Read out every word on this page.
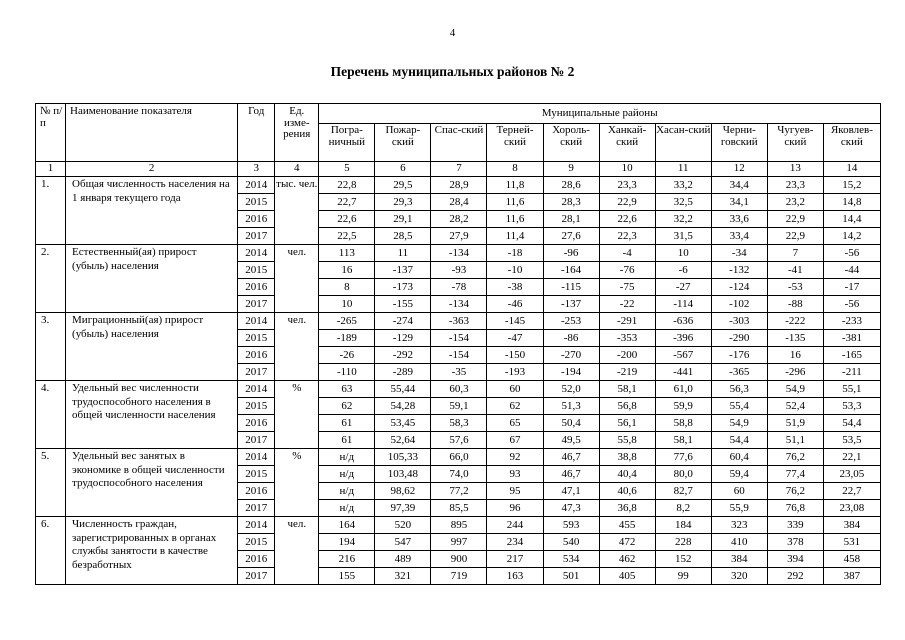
4
Перечень муниципальных районов № 2
№ п/п	Наименование показателя	Год	Ед. изме-рения	Муниципальные районы									
				Погра-ничный	Пожар-ский	Спас-ский	Терней-ский	Хороль-ский	Ханкай-ский	Хасан-ский	Черни-говский	Чугуев-ский	Яковлев-ский
1	2	3	4	5	6	7	8	9	10	11	12	13	14
1.	Общая численность населения на 1 января текущего года	2014	тыс. чел.	22,8	29,5	28,9	11,8	28,6	23,3	33,2	34,4	23,3	15,2
		2015		22,7	29,3	28,4	11,6	28,3	22,9	32,5	34,1	23,2	14,8
		2016		22,6	29,1	28,2	11,6	28,1	22,6	32,2	33,6	22,9	14,4
		2017		22,5	28,5	27,9	11,4	27,6	22,3	31,5	33,4	22,9	14,2
2.	Естественный(ая) прирост (убыль) населения	2014	чел.	113	11	-134	-18	-96	-4	10	-34	7	-56
		2015		16	-137	-93	-10	-164	-76	-6	-132	-41	-44
		2016		8	-173	-78	-38	-115	-75	-27	-124	-53	-17
		2017		10	-155	-134	-46	-137	-22	-114	-102	-88	-56
3.	Миграционный(ая) прирост (убыль) населения	2014	чел.	-265	-274	-363	-145	-253	-291	-636	-303	-222	-233
		2015		-189	-129	-154	-47	-86	-353	-396	-290	-135	-381
		2016		-26	-292	-154	-150	-270	-200	-567	-176	16	-165
		2017		-110	-289	-35	-193	-194	-219	-441	-365	-296	-211
4.	Удельный вес численности трудоспособного населения в общей численности населения	2014	%	63	55,44	60,3	60	52,0	58,1	61,0	56,3	54,9	55,1
		2015		62	54,28	59,1	62	51,3	56,8	59,9	55,4	52,4	53,3
		2016		61	53,45	58,3	65	50,4	56,1	58,8	54,9	51,9	54,4
		2017		61	52,64	57,6	67	49,5	55,8	58,1	54,4	51,1	53,5
5.	Удельный вес занятых в экономике в общей численности трудоспособного населения	2014	%	н/д	105,33	66,0	92	46,7	38,8	77,6	60,4	76,2	22,1
		2015		н/д	103,48	74,0	93	46,7	40,4	80,0	59,4	77,4	23,05
		2016		н/д	98,62	77,2	95	47,1	40,6	82,7	60	76,2	22,7
		2017		н/д	97,39	85,5	96	47,3	36,8	8,2	55,9	76,8	23,08
6.	Численность граждан, зарегистрированных в органах службы занятости в качестве безработных	2014	чел.	164	520	895	244	593	455	184	323	339	384
		2015		194	547	997	234	540	472	228	410	378	531
		2016		216	489	900	217	534	462	152	384	394	458
		2017		155	321	719	163	501	405	99	320	292	387
